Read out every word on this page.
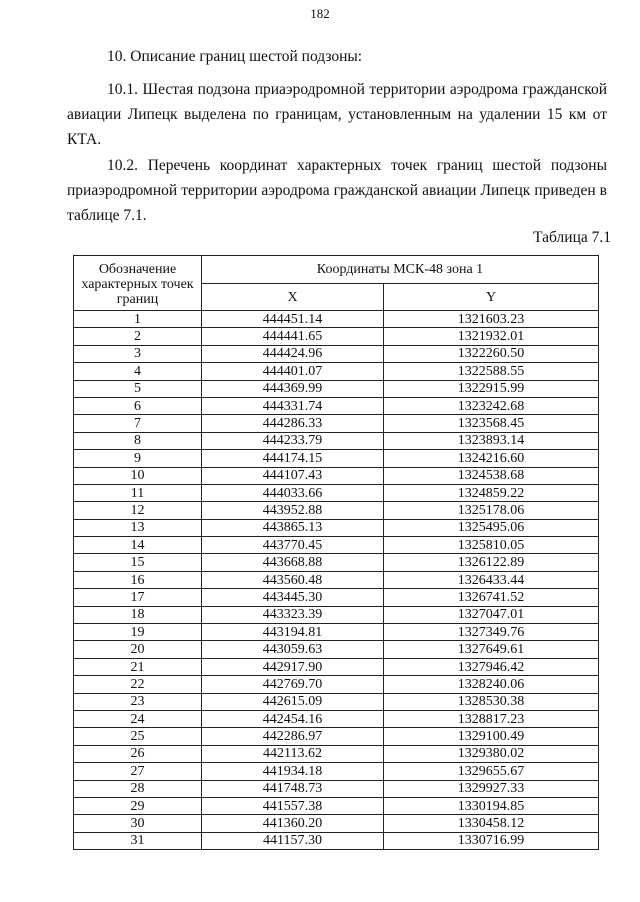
182

10. Описание границ шестой подзоны:

10.1. Шестая подзона приаэродромной территории аэродрома гражданской авиации Липецк выделена по границам, установленным на удалении 15 км от КТА.

10.2. Перечень координат характерных точек границ шестой подзоны приаэродромной территории аэродрома гражданской авиации Липецк приведен в таблице 7.1.

Таблица 7.1
Обозначение характерных точек границ	Координаты МСК-48 зона 1	
	X	Y
1	444451.14	1321603.23
2	444441.65	1321932.01
3	444424.96	1322260.50
4	444401.07	1322588.55
5	444369.99	1322915.99
6	444331.74	1323242.68
7	444286.33	1323568.45
8	444233.79	1323893.14
9	444174.15	1324216.60
10	444107.43	1324538.68
11	444033.66	1324859.22
12	443952.88	1325178.06
13	443865.13	1325495.06
14	443770.45	1325810.05
15	443668.88	1326122.89
16	443560.48	1326433.44
17	443445.30	1326741.52
18	443323.39	1327047.01
19	443194.81	1327349.76
20	443059.63	1327649.61
21	442917.90	1327946.42
22	442769.70	1328240.06
23	442615.09	1328530.38
24	442454.16	1328817.23
25	442286.97	1329100.49
26	442113.62	1329380.02
27	441934.18	1329655.67
28	441748.73	1329927.33
29	441557.38	1330194.85
30	441360.20	1330458.12
31	441157.30	1330716.99
